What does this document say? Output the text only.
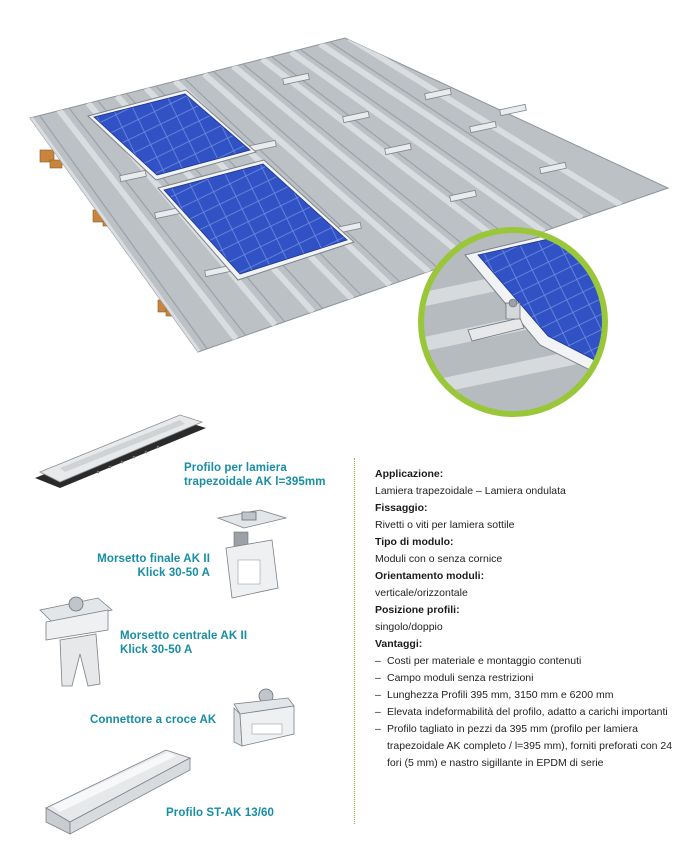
Profilo per lamiera
trapezoidale AK l=395mm
Morsetto finale AK II
Klick 30-50 A
Morsetto centrale AK II
Klick 30-50 A
Connettore a croce AK
Profilo ST-AK 13/60
Applicazione:
Lamiera trapezoidale – Lamiera ondulata
Fissaggio:
Rivetti o viti per lamiera sottile
Tipo di modulo:
Moduli con o senza cornice
Orientamento moduli:
verticale/orizzontale
Posizione profili:
singolo/doppio
Vantaggi:
– Costi per materiale e montaggio contenuti
– Campo moduli senza restrizioni
– Lunghezza Profili 395 mm, 3150 mm e 6200 mm
– Elevata indeformabilità del profilo, adatto a carichi importanti
– Profilo tagliato in pezzi da 395 mm (profilo per lamiera trapezoidale AK completo / l=395 mm), forniti preforati con 24 fori (5 mm) e nastro sigillante in EPDM di serie
